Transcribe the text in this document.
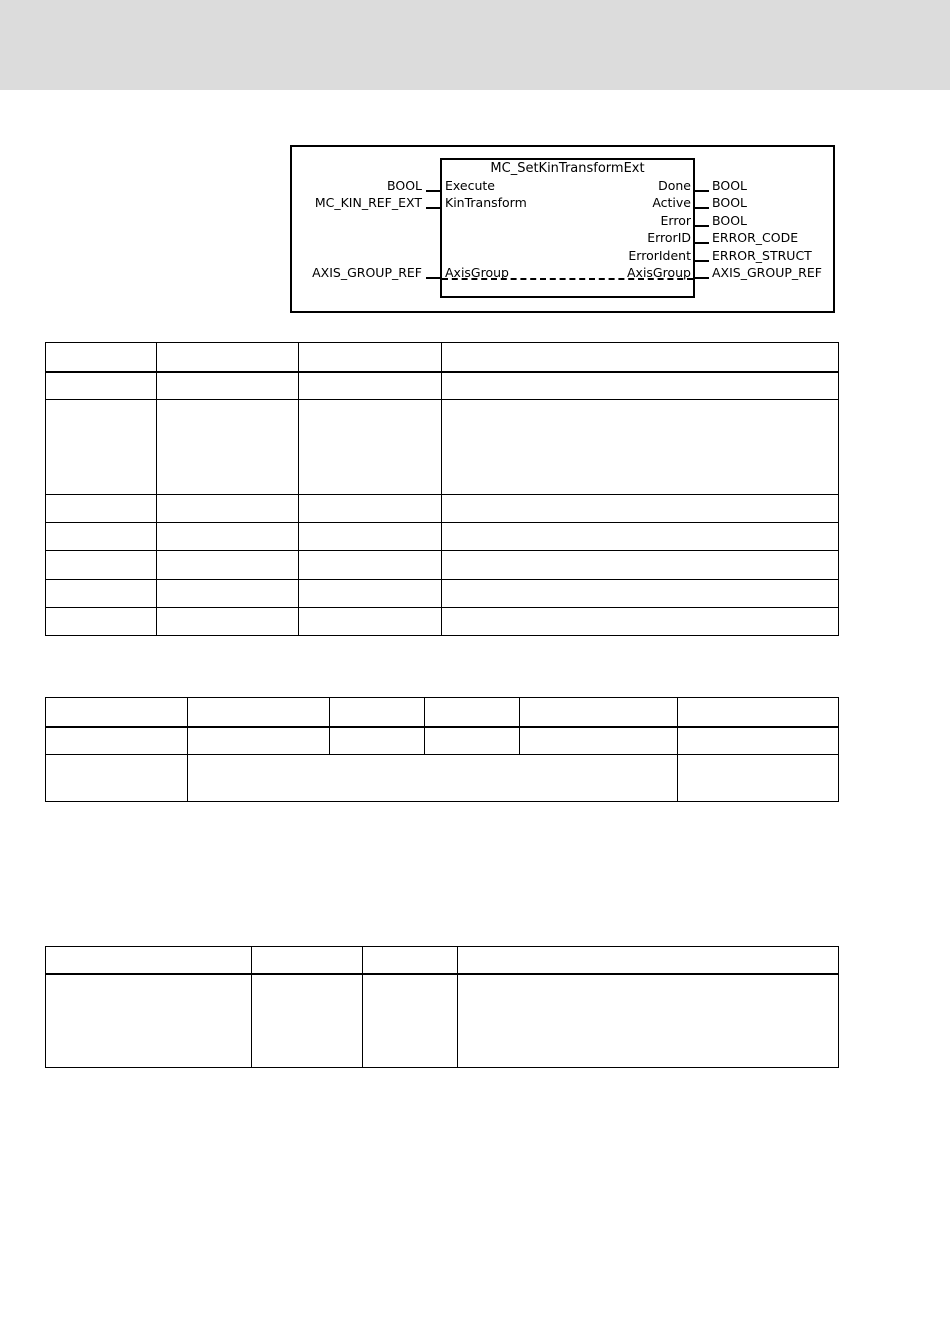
BOOL
MC_KIN_REF_EXT
AXIS_GROUP_REF
BOOL
BOOL
BOOL
ERROR_CODE
ERROR_STRUCT
AXIS_GROUP_REF
MC_SetKinTransformExt
Execute
KinTransform
Done
Active
Error
ErrorID
ErrorIdent
AxisGroup	AxisGroup
